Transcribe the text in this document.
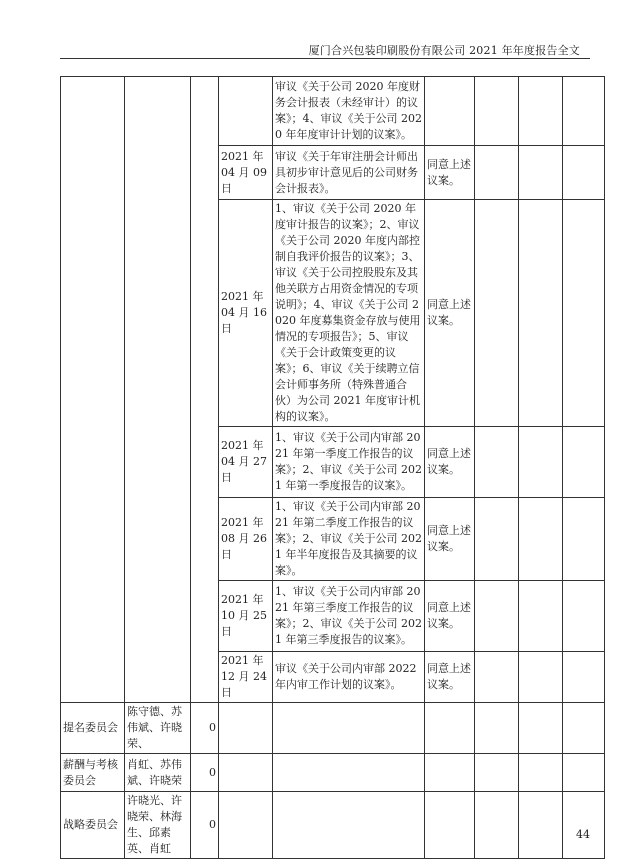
厦门合兴包装印刷股份有限公司 2021 年年度报告全文
				审议《关于公司 2020 年度财务会计报表（未经审计）的议案》；4、审议《关于公司 2020 年年度审计计划的议案》。				
			2021 年 04 月 09 日	审议《关于年审注册会计师出具初步审计意见后的公司财务会计报表》。	同意上述议案。			
			2021 年 04 月 16 日	1、审议《关于公司 2020 年度审计报告的议案》；2、审议《关于公司 2020 年度内部控制自我评价报告的议案》；3、审议《关于公司控股股东及其他关联方占用资金情况的专项说明》；4、审议《关于公司 2020 年度募集资金存放与使用情况的专项报告》；5、审议《关于会计政策变更的议案》；6、审议《关于续聘立信会计师事务所（特殊普通合伙）为公司 2021 年度审计机构的议案》。	同意上述议案。			
			2021 年 04 月 27 日	1、审议《关于公司内审部 2021 年第一季度工作报告的议案》；2、审议《关于公司 2021 年第一季度报告的议案》。	同意上述议案。			
			2021 年 08 月 26 日	1、审议《关于公司内审部 2021 年第二季度工作报告的议案》；2、审议《关于公司 2021 年半年度报告及其摘要的议案》。	同意上述议案。			
			2021 年 10 月 25 日	1、审议《关于公司内审部 2021 年第三季度工作报告的议案》；2、审议《关于公司 2021 年第三季度报告的议案》。	同意上述议案。			
			2021 年 12 月 24 日	审议《关于公司内审部 2022 年内审工作计划的议案》。	同意上述议案。			
提名委员会	陈守德、苏伟斌、许晓荣、	0						
薪酬与考核委员会	肖虹、苏伟斌、许晓荣	0						
战略委员会	许晓光、许晓荣、林海生、邱素英、肖虹	0						
44
